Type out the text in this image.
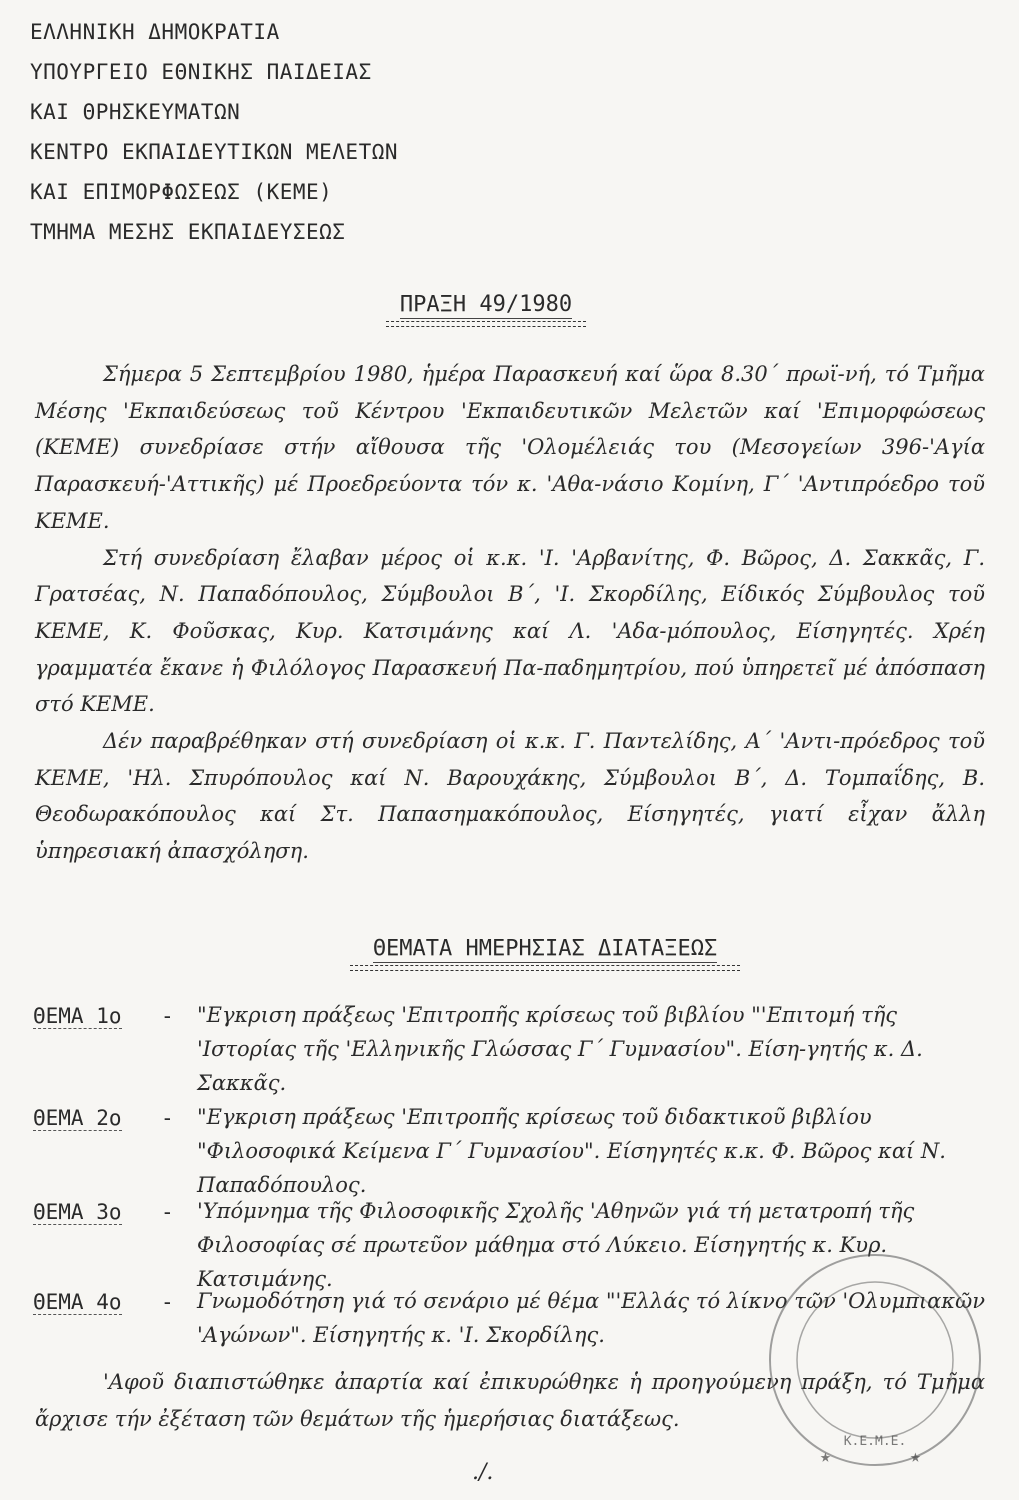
ΕΛΛΗΝΙΚΗ ΔΗΜΟΚΡΑΤΙΑ
ΥΠΟΥΡΓΕΙΟ ΕΘΝΙΚΗΣ ΠΑΙΔΕΙΑΣ
ΚΑΙ ΘΡΗΣΚΕΥΜΑΤΩΝ
ΚΕΝΤΡΟ ΕΚΠΑΙΔΕΥΤΙΚΩΝ ΜΕΛΕΤΩΝ
ΚΑΙ ΕΠΙΜΟΡΦΩΣΕΩΣ (ΚΕΜΕ)
ΤΜΗΜΑ ΜΕΣΗΣ ΕΚΠΑΙΔΕΥΣΕΩΣ
ΠΡΑΞΗ 49/1980

Σήμερα 5 Σεπτεμβρίου 1980, ἡμέρα Παρασκευή καί ὥρα 8.30΄ πρωϊ-νή, τό Τμῆμα Μέσης 'Εκπαιδεύσεως τοῦ Κέντρου 'Εκπαιδευτικῶν Μελετῶν καί 'Επιμορφώσεως (ΚΕΜΕ) συνεδρίασε στήν αἴθουσα τῆς 'Ολομέλειάς του (Μεσογείων 396-'Αγία Παρασκευή-'Αττικῆς) μέ Προεδρεύοντα τόν κ. 'Αθα-νάσιο Κομίνη, Γ΄ 'Αντιπρόεδρο τοῦ ΚΕΜΕ.

Στή συνεδρίαση ἔλαβαν μέρος οἱ κ.κ. 'Ι. 'Αρβανίτης, Φ. Βῶρος, Δ. Σακκᾶς, Γ. Γρατσέας, Ν. Παπαδόπουλος, Σύμβουλοι Β΄, 'Ι. Σκορδίλης, Είδικός Σύμβουλος τοῦ ΚΕΜΕ, Κ. Φοῦσκας, Κυρ. Κατσιμάνης καί Λ. 'Αδα-μόπουλος, Είσηγητές. Χρέη γραμματέα ἔκανε ἡ Φιλόλογος Παρασκευή Πα-παδημητρίου, πού ὑπηρετεῖ μέ ἀπόσπαση στό ΚΕΜΕ.

Δέν παραβρέθηκαν στή συνεδρίαση οἱ κ.κ. Γ. Παντελίδης, Α΄ 'Αντι-πρόεδρος τοῦ ΚΕΜΕ, 'Ηλ. Σπυρόπουλος καί Ν. Βαρουχάκης, Σύμβουλοι Β΄, Δ. Τομπαΐδης, Β. Θεοδωρακόπουλος καί Στ. Παπασημακόπουλος, Είσηγητές, γιατί εἶχαν ἄλλη ὑπηρεσιακή ἀπασχόληση.

ΘΕΜΑΤΑ ΗΜΕΡΗΣΙΑΣ ΔΙΑΤΑΞΕΩΣ
ΘΕΜΑ 1ο - "Εγκριση πράξεως 'Επιτροπῆς κρίσεως τοῦ βιβλίου "'Επιτομή τῆς 'Ιστορίας τῆς 'Ελληνικῆς Γλώσσας Γ΄ Γυμνασίου". Είση-γητής κ. Δ. Σακκᾶς.
ΘΕΜΑ 2ο - "Εγκριση πράξεως 'Επιτροπῆς κρίσεως τοῦ διδακτικοῦ βιβλίου "Φιλοσοφικά Κείμενα Γ΄ Γυμνασίου". Είσηγητές κ.κ. Φ. Βῶρος καί Ν. Παπαδόπουλος.
ΘΕΜΑ 3ο - 'Υπόμνημα τῆς Φιλοσοφικῆς Σχολῆς 'Αθηνῶν γιά τή μετατροπή τῆς Φιλοσοφίας σέ πρωτεῦον μάθημα στό Λύκειο. Είσηγητής κ. Κυρ. Κατσιμάνης.
ΘΕΜΑ 4ο - Γνωμοδότηση γιά τό σενάριο μέ θέμα "'Ελλάς τό λίκνο τῶν 'Ολυμπιακῶν 'Αγώνων". Είσηγητής κ. 'Ι. Σκορδίλης.

'Αφοῦ διαπιστώθηκε ἀπαρτία καί ἐπικυρώθηκε ἡ προηγούμενη πράξη, τό Τμῆμα ἄρχισε τήν ἐξέταση τῶν θεμάτων τῆς ἡμερήσιας διατάξεως.

Κ.Ε.Μ.Ε.
★	★
./.
